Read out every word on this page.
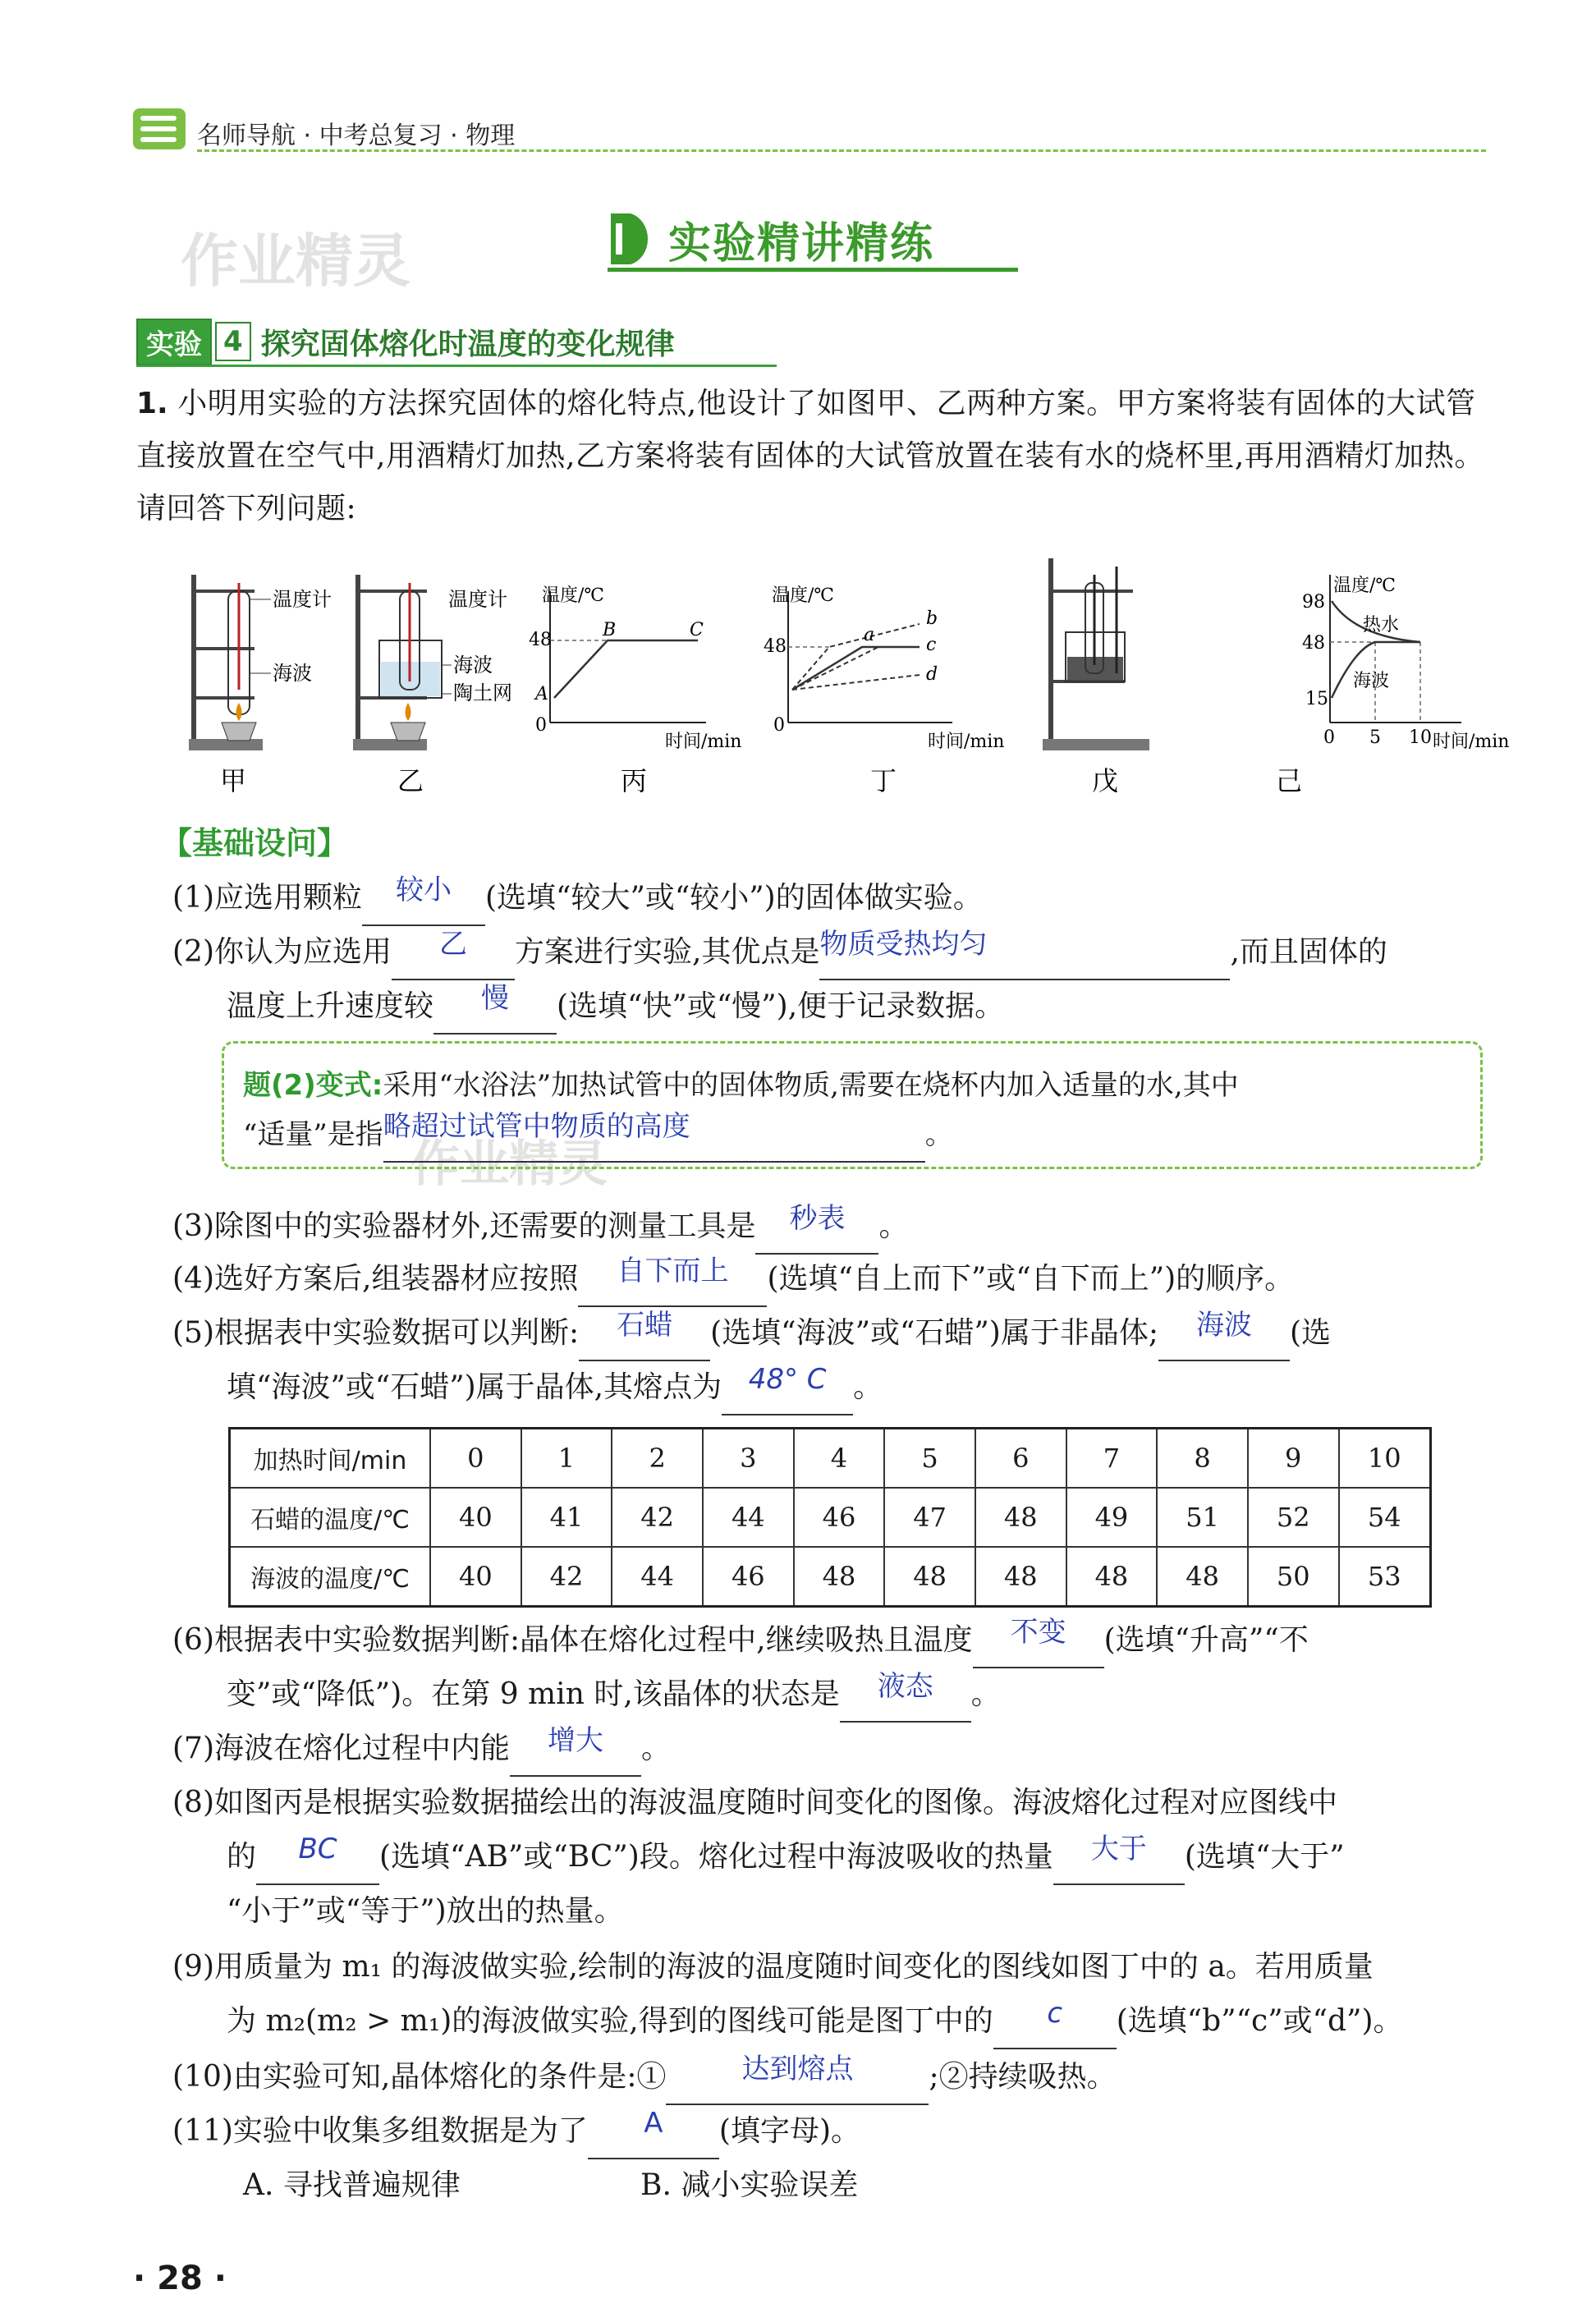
名师导航 · 中考总复习 · 物理
作业精灵
作业精灵
实验精讲精练
实验 4 探究固体熔化时温度的变化规律
1. 小明用实验的方法探究固体的熔化特点,他设计了如图甲、乙两种方案。甲方案将装有固体的大试管直接放置在空气中,用酒精灯加热,乙方案将装有固体的大试管放置在装有水的烧杯里,再用酒精灯加热。请回答下列问题:
温度计
海波
温度计
海波
陶土网
温度/℃
48
0
A
B	C
时间/min
温度/℃
48
0
a
b
c
d
时间/min
温度/℃
98
48
15
0 5 10
热水
海波
时间/min
甲	乙	丙	丁	戊	己
【基础设问】
(1)应选用颗粒 较小 (选填“较大”或“较小”)的固体做实验。
(2)你认为应选用 乙 方案进行实验,其优点是物质受热均匀	,而且固体的
温度上升速度较 慢 (选填“快”或“慢”),便于记录数据。
题(2)变式:采用“水浴法”加热试管中的固体物质,需要在烧杯内加入适量的水,其中
“适量”是指略超过试管中物质的高度	。
(3)除图中的实验器材外,还需要的测量工具是 秒表 。
(4)选好方案后,组装器材应按照 自下而上 (选填“自上而下”或“自下而上”)的顺序。
(5)根据表中实验数据可以判断: 石蜡 (选填“海波”或“石蜡”)属于非晶体; 海波 (选
填“海波”或“石蜡”)属于晶体,其熔点为 48° C 。
加热时间/min	0	1	2	3	4	5	6	7	8	9	10
石蜡的温度/℃	40	41	42	44	46	47	48	49	51	52	54
海波的温度/℃	40	42	44	46	48	48	48	48	48	50	53
(6)根据表中实验数据判断:晶体在熔化过程中,继续吸热且温度 不变 (选填“升高”“不
变”或“降低”)。在第 9 min 时,该晶体的状态是 液态 。
(7)海波在熔化过程中内能 增大 。
(8)如图丙是根据实验数据描绘出的海波温度随时间变化的图像。海波熔化过程对应图线中
的 BC (选填“AB”或“BC”)段。熔化过程中海波吸收的热量 大于 (选填“大于”
“小于”或“等于”)放出的热量。
(9)用质量为 m₁ 的海波做实验,绘制的海波的温度随时间变化的图线如图丁中的 a。若用质量
为 m₂(m₂ > m₁)的海波做实验,得到的图线可能是图丁中的 c (选填“b”“c”或“d”)。
(10)由实验可知,晶体熔化的条件是:①	达到熔点	;②持续吸热。
(11)实验中收集多组数据是为了 A (填字母)。
A. 寻找普遍规律	B. 减小实验误差
· 28 ·
